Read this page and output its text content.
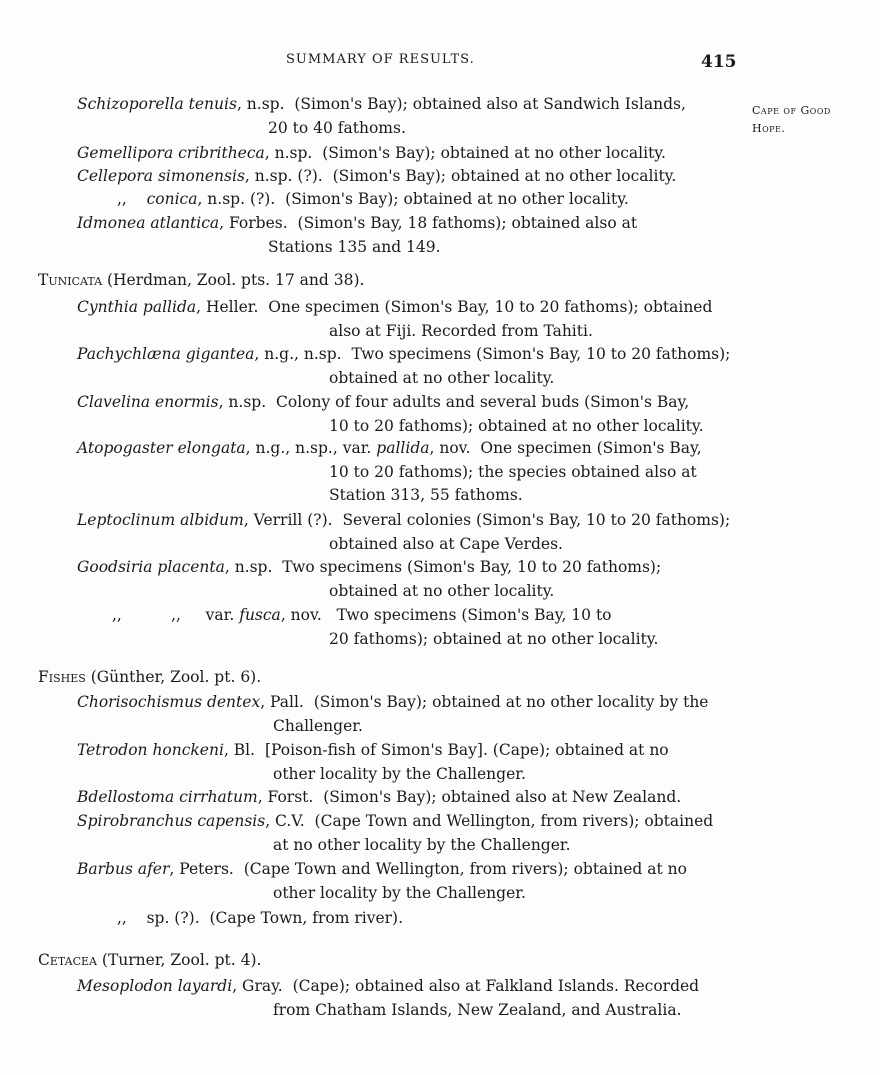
SUMMARY OF RESULTS.	415
Cape of Good
Hope.
Schizoporella tenuis, n.sp. (Simon's Bay); obtained also at Sandwich Islands,
20 to 40 fathoms.
Gemellipora cribritheca, n.sp. (Simon's Bay); obtained at no other locality.
Cellepora simonensis, n.sp. (?). (Simon's Bay); obtained at no other locality.
,, conica, n.sp. (?). (Simon's Bay); obtained at no other locality.
Idmonea atlantica, Forbes. (Simon's Bay, 18 fathoms); obtained also at
Stations 135 and 149.
Tunicata (Herdman, Zool. pts. 17 and 38).
Cynthia pallida, Heller. One specimen (Simon's Bay, 10 to 20 fathoms); obtained
also at Fiji. Recorded from Tahiti.
Pachychlæna gigantea, n.g., n.sp. Two specimens (Simon's Bay, 10 to 20 fathoms);
obtained at no other locality.
Clavelina enormis, n.sp. Colony of four adults and several buds (Simon's Bay,
10 to 20 fathoms); obtained at no other locality.
Atopogaster elongata, n.g., n.sp., var. pallida, nov. One specimen (Simon's Bay,
10 to 20 fathoms); the species obtained also at
Station 313, 55 fathoms.
Leptoclinum albidum, Verrill (?). Several colonies (Simon's Bay, 10 to 20 fathoms);
obtained also at Cape Verdes.
Goodsiria placenta, n.sp. Two specimens (Simon's Bay, 10 to 20 fathoms);
obtained at no other locality.
,,          ,, var. fusca, nov. Two specimens (Simon's Bay, 10 to
20 fathoms); obtained at no other locality.
Fishes (Günther, Zool. pt. 6).
Chorisochismus dentex, Pall. (Simon's Bay); obtained at no other locality by the
Challenger.
Tetrodon honckeni, Bl. [Poison-fish of Simon's Bay]. (Cape); obtained at no
other locality by the Challenger.
Bdellostoma cirrhatum, Forst. (Simon's Bay); obtained also at New Zealand.
Spirobranchus capensis, C.V. (Cape Town and Wellington, from rivers); obtained
at no other locality by the Challenger.
Barbus afer, Peters. (Cape Town and Wellington, from rivers); obtained at no
other locality by the Challenger.
,, sp. (?). (Cape Town, from river).
Cetacea (Turner, Zool. pt. 4).
Mesoplodon layardi, Gray. (Cape); obtained also at Falkland Islands. Recorded
from Chatham Islands, New Zealand, and Australia.
